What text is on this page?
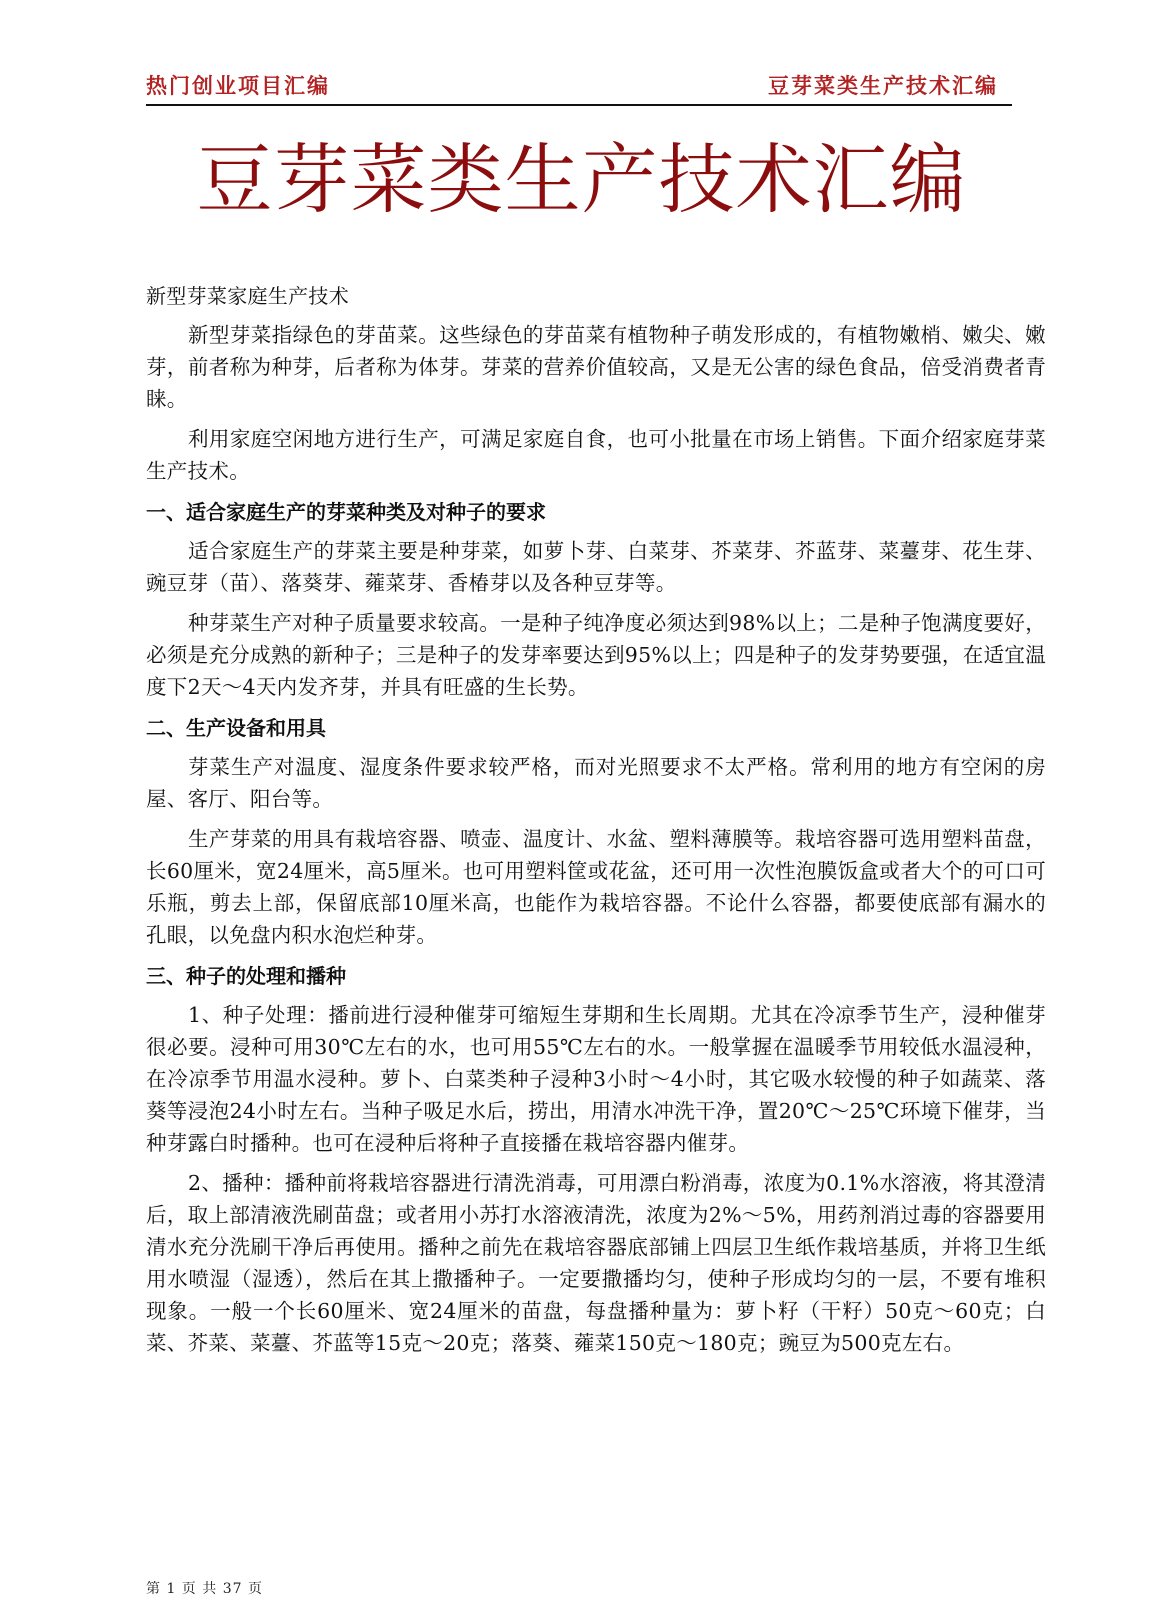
热门创业项目汇编	豆芽菜类生产技术汇编
豆芽菜类生产技术汇编

新型芽菜家庭生产技术

新型芽菜指绿色的芽苗菜。这些绿色的芽苗菜有植物种子萌发形成的，有植物嫩梢、嫩尖、嫩芽，前者称为种芽，后者称为体芽。芽菜的营养价值较高，又是无公害的绿色食品，倍受消费者青睐。

利用家庭空闲地方进行生产，可满足家庭自食，也可小批量在市场上销售。下面介绍家庭芽菜生产技术。

一、适合家庭生产的芽菜种类及对种子的要求

适合家庭生产的芽菜主要是种芽菜，如萝卜芽、白菜芽、芥菜芽、芥蓝芽、菜薹芽、花生芽、豌豆芽（苗）、落葵芽、蕹菜芽、香椿芽以及各种豆芽等。

种芽菜生产对种子质量要求较高。一是种子纯净度必须达到98%以上；二是种子饱满度要好，必须是充分成熟的新种子；三是种子的发芽率要达到95%以上；四是种子的发芽势要强，在适宜温度下2天～4天内发齐芽，并具有旺盛的生长势。

二、生产设备和用具

芽菜生产对温度、湿度条件要求较严格，而对光照要求不太严格。常利用的地方有空闲的房屋、客厅、阳台等。

生产芽菜的用具有栽培容器、喷壶、温度计、水盆、塑料薄膜等。栽培容器可选用塑料苗盘，长60厘米，宽24厘米，高5厘米。也可用塑料筐或花盆，还可用一次性泡膜饭盒或者大个的可口可乐瓶，剪去上部，保留底部10厘米高，也能作为栽培容器。不论什么容器，都要使底部有漏水的孔眼，以免盘内积水泡烂种芽。

三、种子的处理和播种

1、种子处理：播前进行浸种催芽可缩短生芽期和生长周期。尤其在冷凉季节生产，浸种催芽很必要。浸种可用30℃左右的水，也可用55℃左右的水。一般掌握在温暖季节用较低水温浸种，在冷凉季节用温水浸种。萝卜、白菜类种子浸种3小时～4小时，其它吸水较慢的种子如蔬菜、落葵等浸泡24小时左右。当种子吸足水后，捞出，用清水冲洗干净，置20℃～25℃环境下催芽，当种芽露白时播种。也可在浸种后将种子直接播在栽培容器内催芽。

2、播种：播种前将栽培容器进行清洗消毒，可用漂白粉消毒，浓度为0.1%水溶液，将其澄清后，取上部清液洗刷苗盘；或者用小苏打水溶液清洗，浓度为2%～5%，用药剂消过毒的容器要用清水充分洗刷干净后再使用。播种之前先在栽培容器底部铺上四层卫生纸作栽培基质，并将卫生纸用水喷湿（湿透），然后在其上撒播种子。一定要撒播均匀，使种子形成均匀的一层，不要有堆积现象。一般一个长60厘米、宽24厘米的苗盘，每盘播种量为：萝卜籽（干籽）50克～60克；白菜、芥菜、菜薹、芥蓝等15克～20克；落葵、蕹菜150克～180克；豌豆为500克左右。

第 1 页 共 37 页
